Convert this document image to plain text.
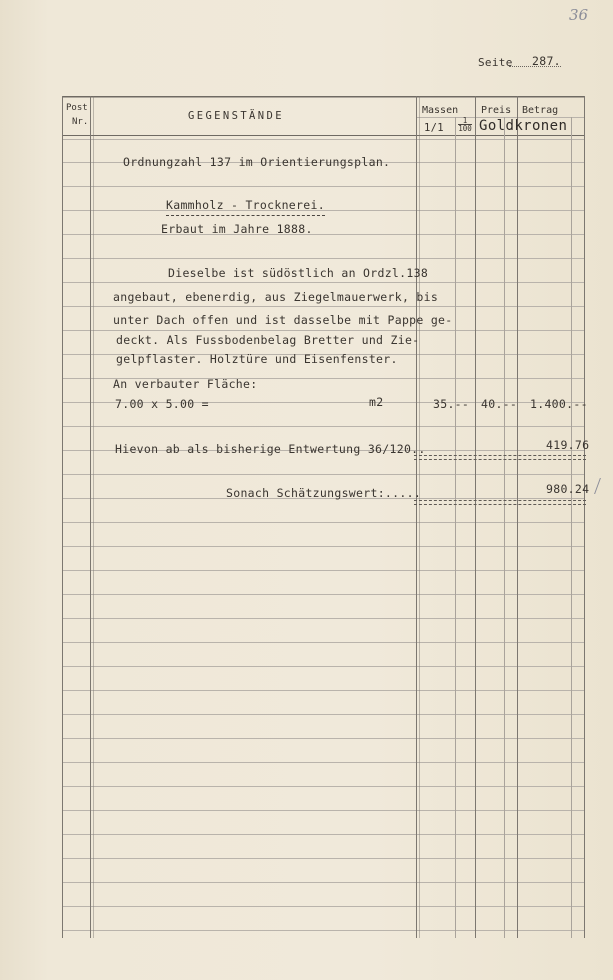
36
Seite 287.
Post
Nr.	GEGENSTÄNDE	Massen Preis Betrag
$1/1 \frac{1}{100}$ Goldkronen
Ordnungzahl 137 im Orientierungsplan.
Kammholz - Trocknerei.
Erbaut im Jahre 1888.
Dieselbe ist südöstlich an Ordzl.138
angebaut, ebenerdig, aus Ziegelmauerwerk, bis
unter Dach offen und ist dasselbe mit Pappe ge-
deckt. Als Fussbodenbelag Bretter und Zie-
gelpflaster. Holztüre und Eisenfenster.
An verbauter Fläche:
7.00 x 5.00 =	m2	35.-- 40.-- 1.400.--
Hievon ab als bisherige Entwertung 36/120..	419.76
Sonach Schätzungswert:.....	980.24
